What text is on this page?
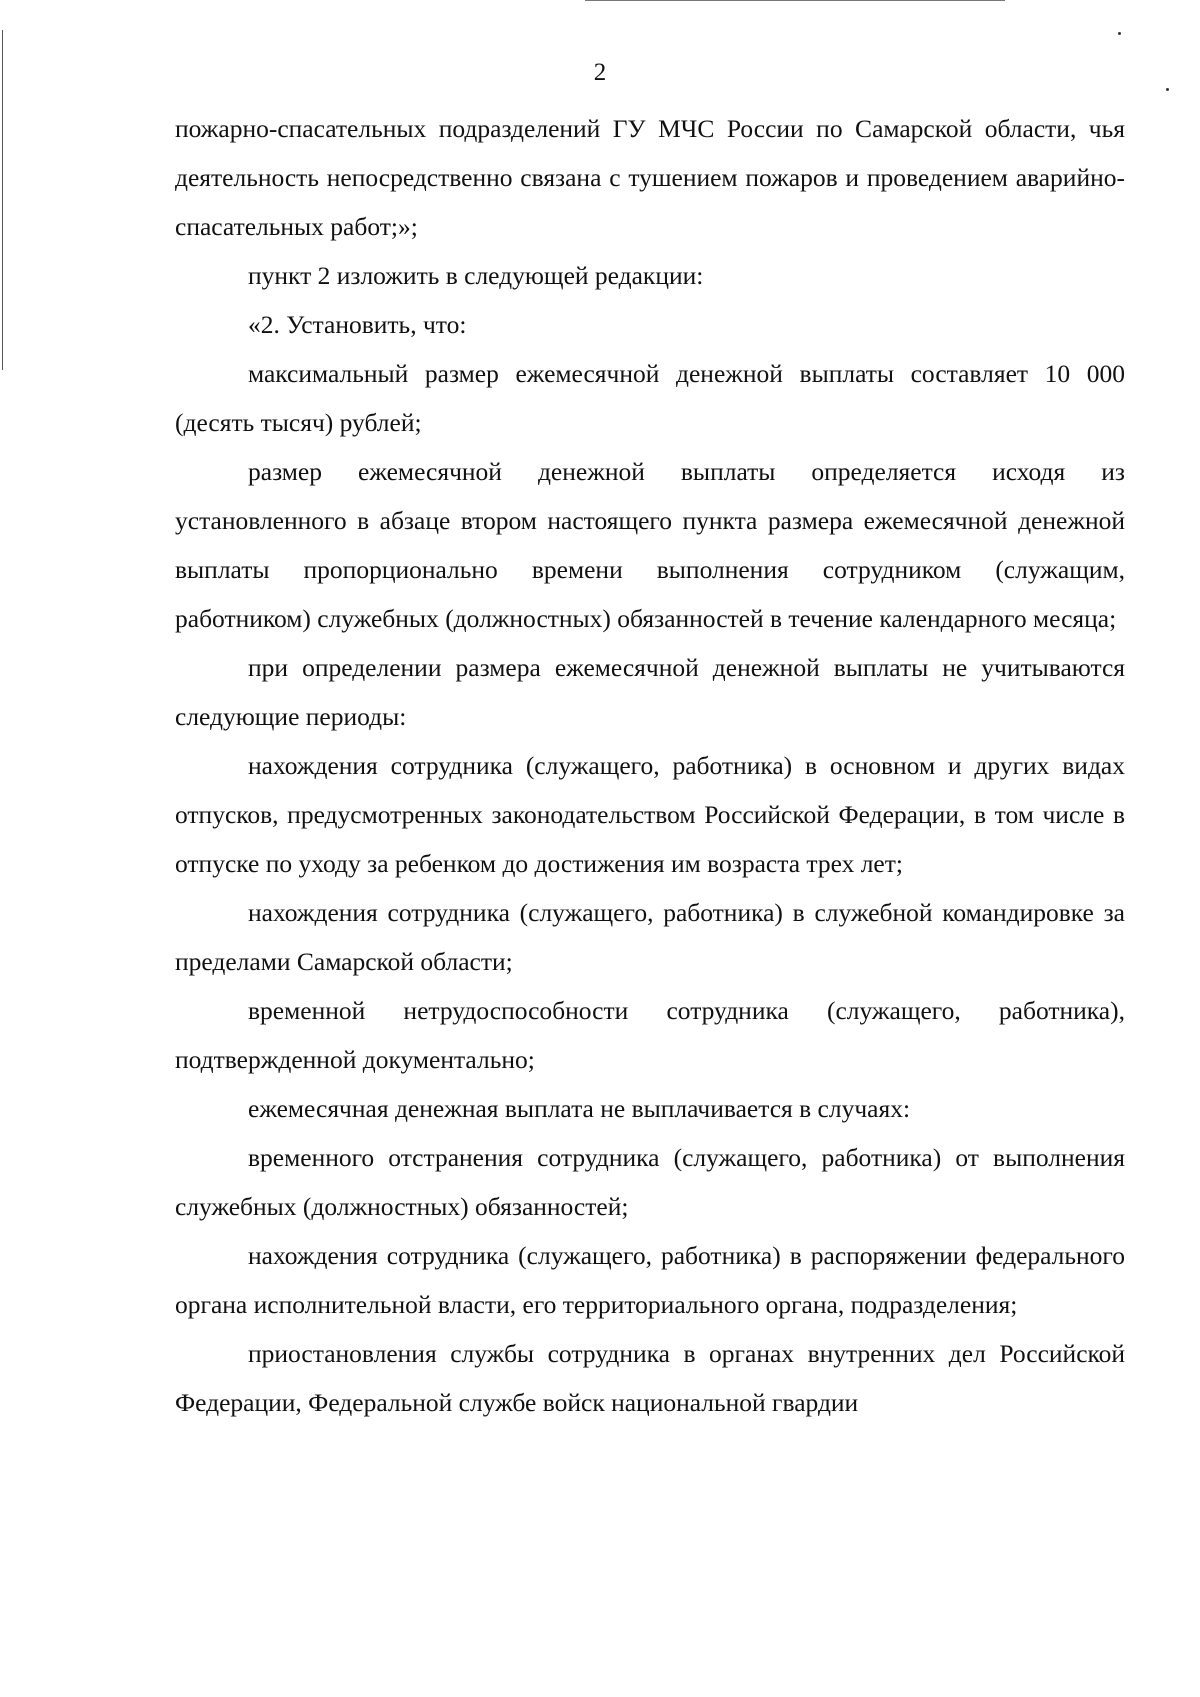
2

пожарно-спасательных подразделений ГУ МЧС России по Самарской области, чья деятельность непосредственно связана с тушением пожаров и проведением аварийно-спасательных работ;»;

пункт 2 изложить в следующей редакции:

«2. Установить, что:

максимальный размер ежемесячной денежной выплаты составляет 10 000 (десять тысяч) рублей;

размер ежемесячной денежной выплаты определяется исходя из установленного в абзаце втором настоящего пункта размера ежемесячной денежной выплаты пропорционально времени выполнения сотрудником (служащим, работником) служебных (должностных) обязанностей в течение календарного месяца;

при определении размера ежемесячной денежной выплаты не учитываются следующие периоды:

нахождения сотрудника (служащего, работника) в основном и других видах отпусков, предусмотренных законодательством Российской Федерации, в том числе в отпуске по уходу за ребенком до достижения им возраста трех лет;

нахождения сотрудника (служащего, работника) в служебной командировке за пределами Самарской области;

временной нетрудоспособности сотрудника (служащего, работника), подтвержденной документально;

ежемесячная денежная выплата не выплачивается в случаях:

временного отстранения сотрудника (служащего, работника) от выполнения служебных (должностных) обязанностей;

нахождения сотрудника (служащего, работника) в распоряжении федерального органа исполнительной власти, его территориального органа, подразделения;

приостановления службы сотрудника в органах внутренних дел Российской Федерации, Федеральной службе войск национальной гвардии
